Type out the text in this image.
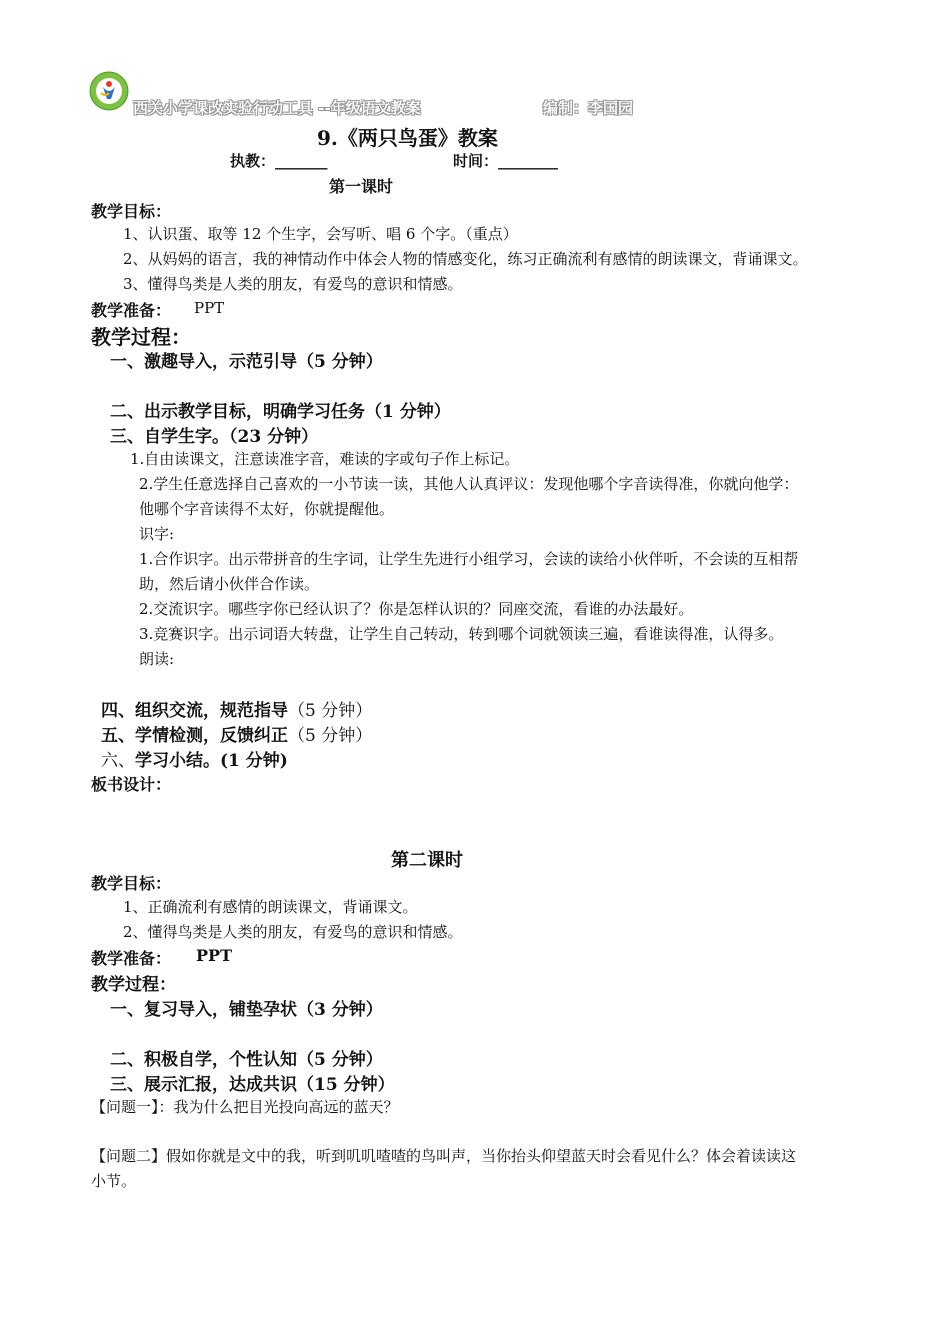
西关小学课改实验行动工具 --年级语文教案	编制：李国园
9.《两只鸟蛋》教案
执教：_______	时间：________
第一课时
教学目标：
1、认识蛋、取等 12 个生字，会写听、唱 6 个字。（重点）
2、从妈妈的语言，我的神情动作中体会人物的情感变化，练习正确流利有感情的朗读课文，背诵课文。
3、懂得鸟类是人类的朋友，有爱鸟的意识和情感。
教学准备： PPT
教学过程：
一、激趣导入，示范引导（5 分钟）
二、出示教学目标，明确学习任务（1 分钟）
三、自学生字。（23 分钟）
1.自由读课文，注意读准字音，难读的字或句子作上标记。
2.学生任意选择自己喜欢的一小节读一读，其他人认真评议：发现他哪个字音读得准，你就向他学：
他哪个字音读得不太好，你就提醒他。
识字:
1.合作识字。出示带拼音的生字词，让学生先进行小组学习，会读的读给小伙伴听，不会读的互相帮
助，然后请小伙伴合作读。
2.交流识字。哪些字你已经认识了？你是怎样认识的？同座交流，看谁的办法最好。
3.竞赛识字。出示词语大转盘，让学生自己转动，转到哪个词就领读三遍，看谁读得准，认得多。
朗读:
四、组织交流，规范指导（5 分钟）
五、学情检测，反馈纠正（5 分钟）
六、学习小结。(1 分钟)
板书设计：
第二课时
教学目标：
1、正确流利有感情的朗读课文，背诵课文。
2、懂得鸟类是人类的朋友，有爱鸟的意识和情感。
教学准备： PPT
教学过程：
一、复习导入，铺垫孕状（3 分钟）
二、积极自学，个性认知（5 分钟）
三、展示汇报，达成共识（15 分钟）
【问题一】：我为什么把目光投向高远的蓝天？
【问题二】假如你就是文中的我，听到叽叽喳喳的鸟叫声，当你抬头仰望蓝天时会看见什么？体会着读读这
小节。
